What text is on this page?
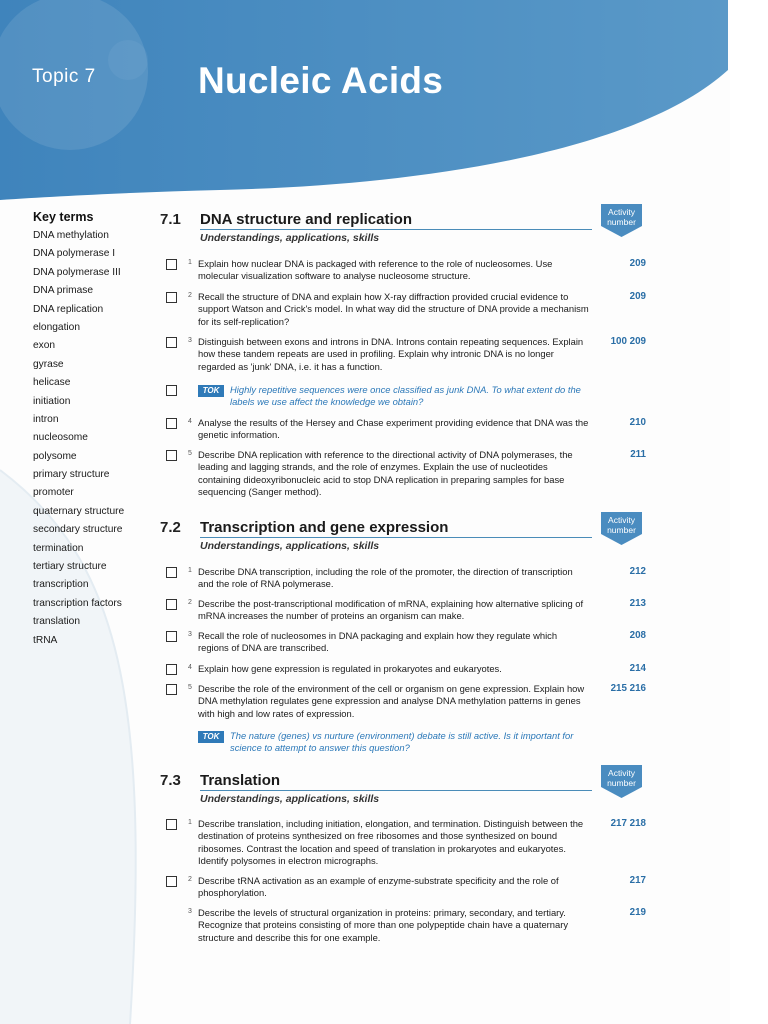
Topic 7	Nucleic Acids
Key terms
DNA methylation
DNA polymerase I
DNA polymerase III
DNA primase
DNA replication
elongation
exon
gyrase
helicase
initiation
intron
nucleosome
polysome
primary structure
promoter
quaternary structure
secondary structure
termination
tertiary structure
transcription
transcription factors
translation
tRNA
7.1 DNA structure and replication
Understandings, applications, skills
Activity number
1 Explain how nuclear DNA is packaged with reference to the role of nucleosomes. Use molecular visualization software to analyse nucleosome structure.
209
2 Recall the structure of DNA and explain how X-ray diffraction provided crucial evidence to support Watson and Crick's model. In what way did the structure of DNA provide a mechanism for its self-replication?
209
3 Distinguish between exons and introns in DNA. Introns contain repeating sequences. Explain how these tandem repeats are used in profiling. Explain why intronic DNA is no longer regarded as 'junk' DNA, i.e. it has a function.
100 209
TOK	Highly repetitive sequences were once classified as junk DNA. To what extent do the labels we use affect the knowledge we obtain?
4 Analyse the results of the Hersey and Chase experiment providing evidence that DNA was the genetic information.
210
5 Describe DNA replication with reference to the directional activity of DNA polymerases, the leading and lagging strands, and the role of enzymes. Explain the use of nucleotides containing dideoxyribonucleic acid to stop DNA replication in preparing samples for base sequencing (Sanger method).
211
7.2 Transcription and gene expression
Understandings, applications, skills
Activity number
1 Describe DNA transcription, including the role of the promoter, the direction of transcription and the role of RNA polymerase.
212
2 Describe the post-transcriptional modification of mRNA, explaining how alternative splicing of mRNA increases the number of proteins an organism can make.
213
3 Recall the role of nucleosomes in DNA packaging and explain how they regulate which regions of DNA are transcribed.
208
4 Explain how gene expression is regulated in prokaryotes and eukaryotes.	214
5 Describe the role of the environment of the cell or organism on gene expression. Explain how DNA methylation regulates gene expression and analyse DNA methylation patterns in genes with high and low rates of expression.
215 216
TOK	The nature (genes) vs nurture (environment) debate is still active. Is it important for science to attempt to answer this question?
7.3 Translation
Understandings, applications, skills
Activity number
1 Describe translation, including initiation, elongation, and termination. Distinguish between the destination of proteins synthesized on free ribosomes and those synthesized on bound ribosomes. Contrast the location and speed of translation in prokaryotes and eukaryotes. Identify polysomes in electron micrographs.
217 218
2 Describe tRNA activation as an example of enzyme-substrate specificity and the role of phosphorylation.
217
3 Describe the levels of structural organization in proteins: primary, secondary, and tertiary. Recognize that proteins consisting of more than one polypeptide chain have a quaternary structure and describe this for one example.
219
